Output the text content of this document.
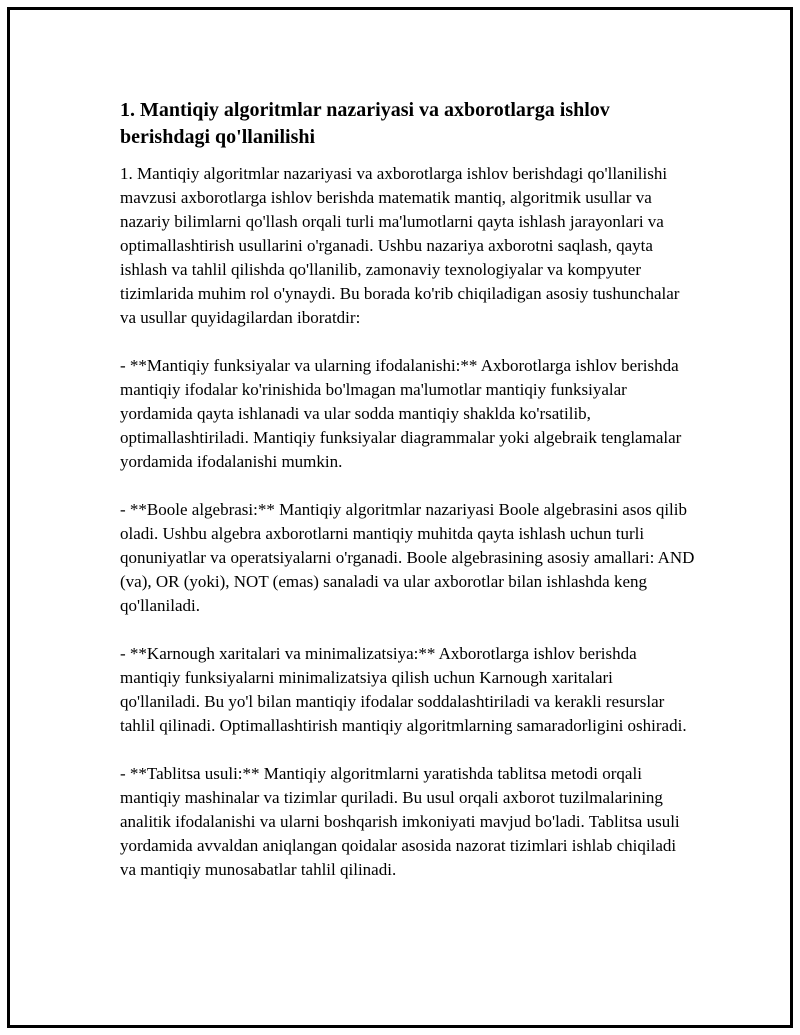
1. Mantiqiy algoritmlar nazariyasi va axborotlarga ishlov berishdagi qo'llanilishi

1. Mantiqiy algoritmlar nazariyasi va axborotlarga ishlov berishdagi qo'llanilishi mavzusi axborotlarga ishlov berishda matematik mantiq, algoritmik usullar va nazariy bilimlarni qo'llash orqali turli ma'lumotlarni qayta ishlash jarayonlari va optimallashtirish usullarini o'rganadi. Ushbu nazariya axborotni saqlash, qayta ishlash va tahlil qilishda qo'llanilib, zamonaviy texnologiyalar va kompyuter tizimlarida muhim rol o'ynaydi. Bu borada ko'rib chiqiladigan asosiy tushunchalar va usullar quyidagilardan iboratdir:

- **Mantiqiy funksiyalar va ularning ifodalanishi:** Axborotlarga ishlov berishda mantiqiy ifodalar ko'rinishida bo'lmagan ma'lumotlar mantiqiy funksiyalar yordamida qayta ishlanadi va ular sodda mantiqiy shaklda ko'rsatilib, optimallashtiriladi. Mantiqiy funksiyalar diagrammalar yoki algebraik tenglamalar yordamida ifodalanishi mumkin.

- **Boole algebrasi:** Mantiqiy algoritmlar nazariyasi Boole algebrasini asos qilib oladi. Ushbu algebra axborotlarni mantiqiy muhitda qayta ishlash uchun turli qonuniyatlar va operatsiyalarni o'rganadi. Boole algebrasining asosiy amallari: AND (va), OR (yoki), NOT (emas) sanaladi va ular axborotlar bilan ishlashda keng qo'llaniladi.

- **Karnough xaritalari va minimalizatsiya:** Axborotlarga ishlov berishda mantiqiy funksiyalarni minimalizatsiya qilish uchun Karnough xaritalari qo'llaniladi. Bu yo'l bilan mantiqiy ifodalar soddalashtiriladi va kerakli resurslar tahlil qilinadi. Optimallashtirish mantiqiy algoritmlarning samaradorligini oshiradi.

- **Tablitsa usuli:** Mantiqiy algoritmlarni yaratishda tablitsa metodi orqali mantiqiy mashinalar va tizimlar quriladi. Bu usul orqali axborot tuzilmalarining analitik ifodalanishi va ularni boshqarish imkoniyati mavjud bo'ladi. Tablitsa usuli yordamida avvaldan aniqlangan qoidalar asosida nazorat tizimlari ishlab chiqiladi va mantiqiy munosabatlar tahlil qilinadi.
